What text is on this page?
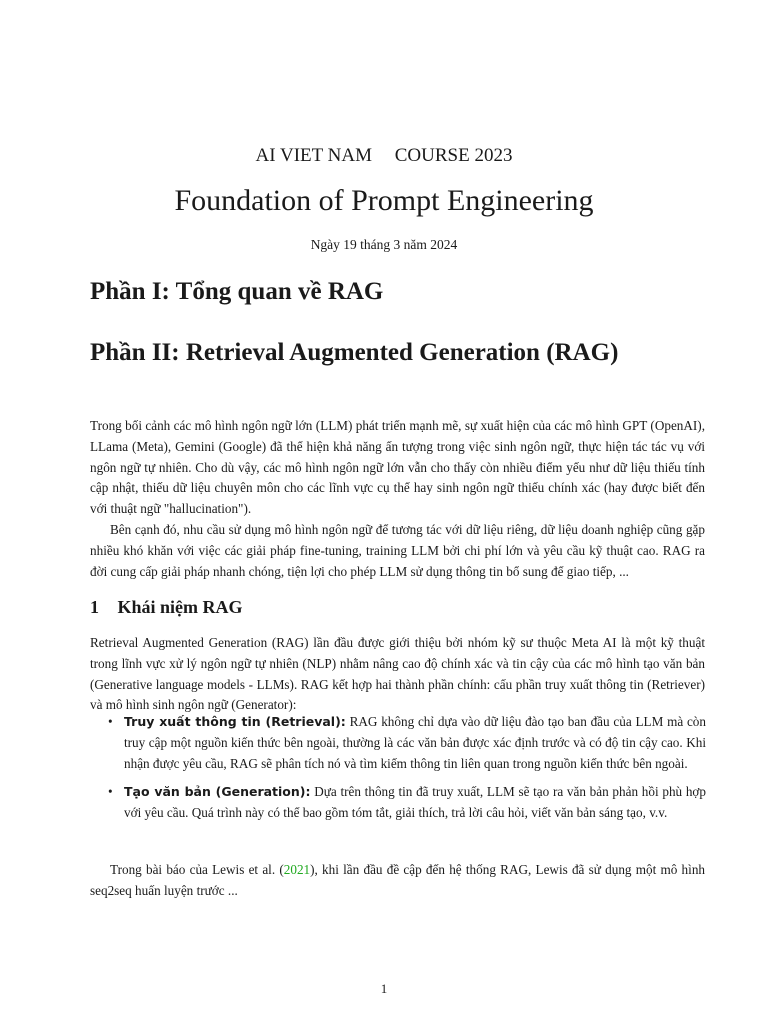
AI VIET NAM COURSE 2023
Foundation of Prompt Engineering
Ngày 19 tháng 3 năm 2024
Phần I: Tổng quan về RAG
Phần II: Retrieval Augmented Generation (RAG)

Trong bối cảnh các mô hình ngôn ngữ lớn (LLM) phát triển mạnh mẽ, sự xuất hiện của các mô hình GPT (OpenAI), LLama (Meta), Gemini (Google) đã thể hiện khả năng ấn tượng trong việc sinh ngôn ngữ, thực hiện tác tác vụ với ngôn ngữ tự nhiên. Cho dù vậy, các mô hình ngôn ngữ lớn vẫn cho thấy còn nhiều điểm yếu như dữ liệu thiếu tính cập nhật, thiếu dữ liệu chuyên môn cho các lĩnh vực cụ thể hay sinh ngôn ngữ thiếu chính xác (hay được biết đến với thuật ngữ "hallucination").

Bên cạnh đó, nhu cầu sử dụng mô hình ngôn ngữ để tương tác với dữ liệu riêng, dữ liệu doanh nghiệp cũng gặp nhiều khó khăn với việc các giải pháp fine-tuning, training LLM bởi chi phí lớn và yêu cầu kỹ thuật cao. RAG ra đời cung cấp giải pháp nhanh chóng, tiện lợi cho phép LLM sử dụng thông tin bổ sung để giao tiếp, ...

1 Khái niệm RAG

Retrieval Augmented Generation (RAG) lần đầu được giới thiệu bởi nhóm kỹ sư thuộc Meta AI là một kỹ thuật trong lĩnh vực xử lý ngôn ngữ tự nhiên (NLP) nhằm nâng cao độ chính xác và tin cậy của các mô hình tạo văn bản (Generative language models - LLMs). RAG kết hợp hai thành phần chính: cấu phần truy xuất thông tin (Retriever) và mô hình sinh ngôn ngữ (Generator):

• Truy xuất thông tin (Retrieval): RAG không chỉ dựa vào dữ liệu đào tạo ban đầu của LLM mà còn truy cập một nguồn kiến thức bên ngoài, thường là các văn bản được xác định trước và có độ tin cậy cao. Khi nhận được yêu cầu, RAG sẽ phân tích nó và tìm kiếm thông tin liên quan trong nguồn kiến thức bên ngoài.
• Tạo văn bản (Generation): Dựa trên thông tin đã truy xuất, LLM sẽ tạo ra văn bản phản hồi phù hợp với yêu cầu. Quá trình này có thể bao gồm tóm tắt, giải thích, trả lời câu hỏi, viết văn bản sáng tạo, v.v.

Trong bài báo của Lewis et al. (2021), khi lần đầu đề cập đến hệ thống RAG, Lewis đã sử dụng một mô hình seq2seq huấn luyện trước ...

1
